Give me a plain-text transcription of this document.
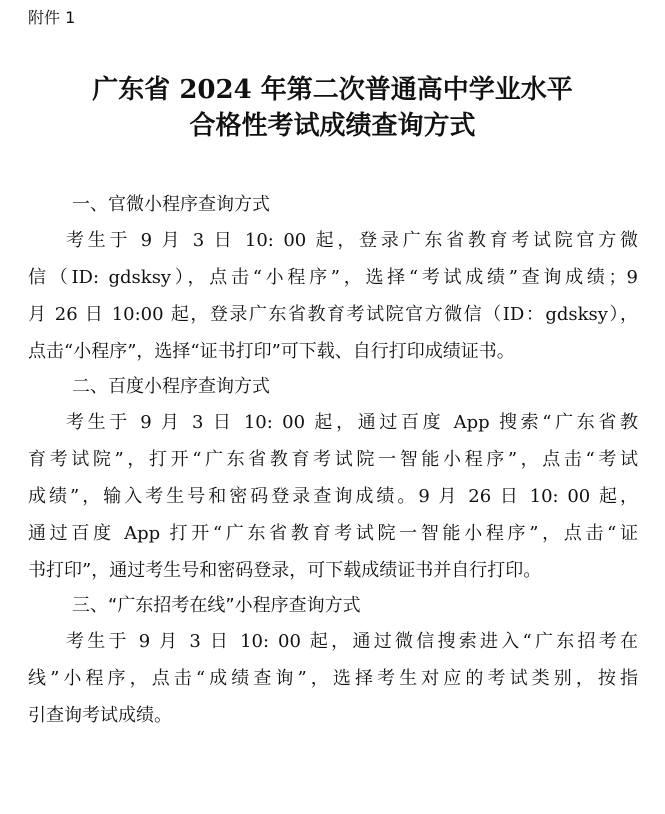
附件 1
广东省 2024 年第二次普通高中学业水平
合格性考试成绩查询方式
一、官微小程序查询方式
考生于 9 月 3 日 10: 00 起，登录广东省教育考试院官方微
信（ID: gdsksy），点击“小程序”，选择“考试成绩”查询成绩；9
月 26 日 10:00 起，登录广东省教育考试院官方微信（ID：gdsksy），
点击“小程序”，选择“证书打印”可下载、自行打印成绩证书。
二、百度小程序查询方式
考生于 9 月 3 日 10: 00 起，通过百度 App 搜索“广东省教
育考试院”，打开“广东省教育考试院一智能小程序”，点击“考试
成绩”，输入考生号和密码登录查询成绩。9 月 26 日 10: 00 起，
通过百度 App 打开“广东省教育考试院一智能小程序”，点击“证
书打印”，通过考生号和密码登录，可下载成绩证书并自行打印。
三、“广东招考在线”小程序查询方式
考生于 9 月 3 日 10: 00 起，通过微信搜索进入“广东招考在
线”小程序，点击“成绩查询”，选择考生对应的考试类别，按指
引查询考试成绩。
